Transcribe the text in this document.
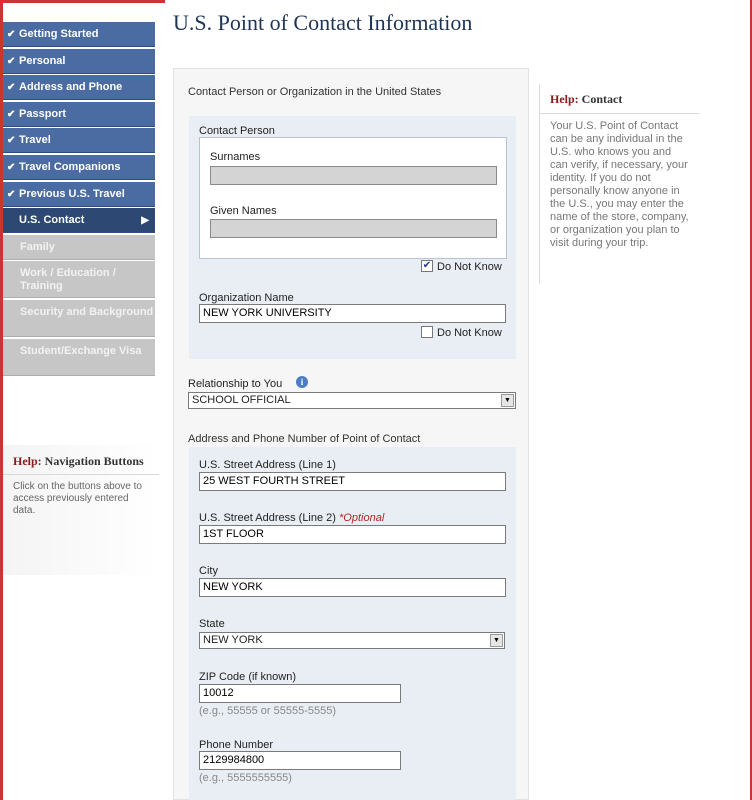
✔ Getting Started
✔ Personal
✔ Address and Phone
✔ Passport
✔ Travel
✔ Travel Companions
✔ Previous U.S. Travel
U.S. Contact	▶
Family
Work / Education / Training
Security and Background
Student/Exchange Visa
Help: Navigation Buttons
Click on the buttons above to access previously entered data.
U.S. Point of Contact Information
Contact Person or Organization in the United States
Contact Person
Surnames
Given Names
✔ Do Not Know
Organization Name
NEW YORK UNIVERSITY
Do Not Know
Relationship to You	i
SCHOOL OFFICIAL	▼
Address and Phone Number of Point of Contact
U.S. Street Address (Line 1)
25 WEST FOURTH STREET
U.S. Street Address (Line 2) *Optional
1ST FLOOR
City
NEW YORK
State
NEW YORK	▼
ZIP Code (if known)
10012
(e.g., 55555 or 55555-5555)
Phone Number
2129984800
(e.g., 5555555555)
Help: Contact
Your U.S. Point of Contact can be any individual in the U.S. who knows you and can verify, if necessary, your identity. If you do not personally know anyone in the U.S., you may enter the name of the store, company, or organization you plan to visit during your trip.
